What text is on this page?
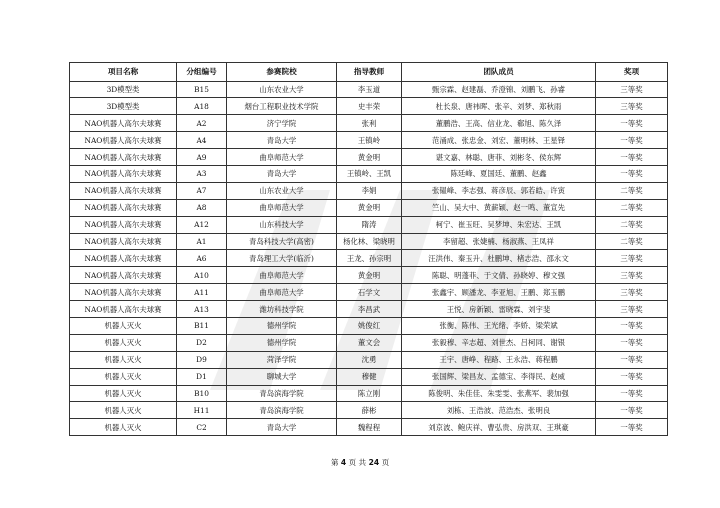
项目名称	分组编号	参赛院校	指导教师	团队成员	奖项
3D模型类	B15	山东农业大学	李玉道	甄宗霖、赵建磊、乔澄锦、刘鹏飞、孙睿	三等奖
3D模型类	A18	烟台工程职业技术学院	史丰荣	杜长泉、唐祎晖、张辛、刘梦、郑秋雨	三等奖
NAO机器人高尔夫球赛	A2	济宁学院	张利	董鹏浩、王高、信业龙、郗旭、陈久泽	一等奖
NAO机器人高尔夫球赛	A4	青岛大学	王镇岭	范涌成、张忠金、刘宏、董明林、王星铎	一等奖
NAO机器人高尔夫球赛	A9	曲阜师范大学	黄金明	谌文嘉、林聪、唐菲、刘彬冬、侯东辉	一等奖
NAO机器人高尔夫球赛	A3	青岛大学	王镇岭、王凯	陈廷峰、夏国廷、董鹏、赵鑫	一等奖
NAO机器人高尔夫球赛	A7	山东农业大学	李娟	张韫峰、李志强、蒋彦辰、郭若皓、许寅	二等奖
NAO机器人高尔夫球赛	A8	曲阜师范大学	黄金明	竺山、吴大中、黄薪颖、赵一鸣、董宣先	二等奖
NAO机器人高尔夫球赛	A12	山东科技大学	隋涛	柯宁、崔玉旺、吴梦坤、朱宏达、王凯	二等奖
NAO机器人高尔夫球赛	A1	青岛科技大学(高密)	杨化林、梁晓明	李留超、张婕楠、杨淑燕、王凤祥	二等奖
NAO机器人高尔夫球赛	A6	青岛理工大学(临沂)	王龙、孙宗明	汪洪伟、秦玉升、杜鹏坤、楮志浩、邵永文	三等奖
NAO机器人高尔夫球赛	A10	曲阜师范大学	黄金明	陈聪、明蓬菲、于文倩、孙晓婷、穆文强	三等奖
NAO机器人高尔夫球赛	A11	曲阜师范大学	石学文	张鑫宇、顾潘龙、李亚旭、王鹏、郑玉鹏	三等奖
NAO机器人高尔夫球赛	A13	潍坊科技学院	李昌武	王悦、房新颖、雷晓霖、刘宇斐	三等奖
机器人灭火	B11	德州学院	姚俊红	张衡、陈伟、王光绪、李娇、梁荣斌	一等奖
机器人灭火	D2	德州学院	董文会	张毅穆、辛志超、刘世杰、吕柯同、谢银	一等奖
机器人灭火	D9	菏泽学院	沈勇	王宇、唐峥、程路、王永浩、蒋程鹏	一等奖
机器人灭火	D1	聊城大学	穆健	张国辉、梁昌友、孟德宝、李得民、赵威	一等奖
机器人灭火	B10	青岛滨海学院	陈立刚	陈俊明、朱佳佳、朱雯雯、张燕军、裴加强	一等奖
机器人灭火	H11	青岛滨海学院	薛彬	刘栋、王浩波、范浩杰、张明良	一等奖
机器人灭火	C2	青岛大学	魏程程	刘京波、鲍庆祥、曹弘贵、房洪双、王琪豪	一等奖
第 4 页 共 24 页
